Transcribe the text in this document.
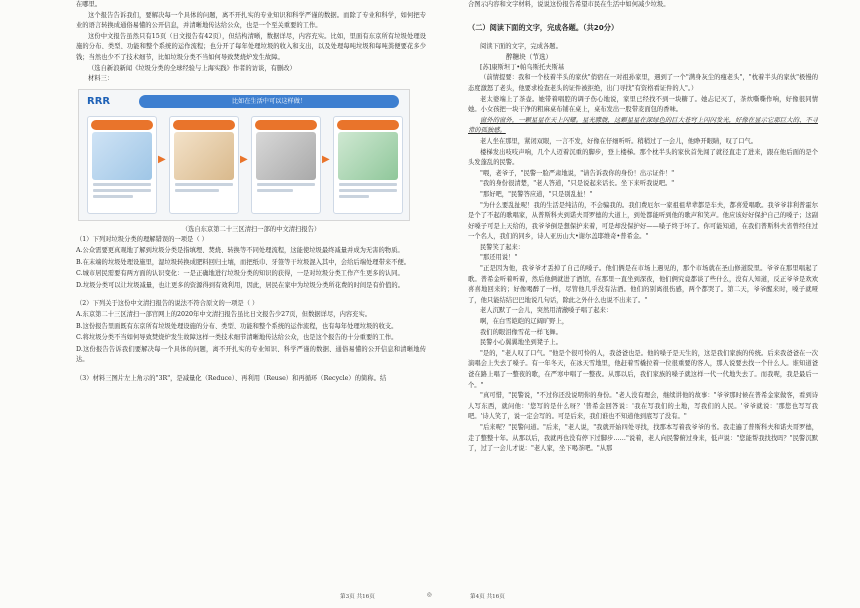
在哪里。

这个报告告诉我们，要解决每一个具体的问题，离不开扎实的专业知识和科学严谨的数据。而除了专业和科学，如何把专业的语言转换成通俗易懂的公开信息，并清晰地传达给公众，也是一个至关重要的工作。

这份中文报告虽然只有15页（日文报告有42页），但结构清晰，数据详尽，内容充实。比如，里面有东京所有垃圾处理设施的分布、类型、功能和整个系统的运作流程；也分开了每年处理垃圾的收入和支出，以及处理每吨垃圾和每吨粪便要花多少钱；当然也少不了技术细节，比如垃圾分类不当如何导致焚烧炉发生故障。

（选自新浪新闻《垃圾分类的全球经验与上海实践》作者的访谈，有删改）

材料三：

RRR	比如在生活中可以这样做！
▶	▶	▶

（选自东京第二十三区清扫一部的中文清扫报告）

（1）下列对垃圾分类的理解错误的一项是（ ）

A.公众需要更真观地了解到垃圾分类是指填埋、焚烧、转换等不同处理流程，这能使垃圾最终减量并成为无害的物质。

B.在末端的垃圾处理设施里，湿垃圾转换成肥料回归土壤，而把纸巾、牙签等干垃圾混入其中，会给后端处理带来不便。

C.城市居民需要有两方面的认识变化：一是正确地进行垃圾分类的知识的获得，一是对垃圾分类工作产生更多的认同。

D.垃圾分类可以让垃圾减量，也让更多的资源得到有效利用，因此，居民在家中为垃圾分类所花费的时间是有价值的。

（2）下列关于这份中文清扫报告的说法不符合原文的一项是（ ）

A.东京第二十三区清扫一部官网上的2020年中文清扫报告虽比日文报告少27页，但数据详尽，内容充实。

B.这份报告里面既有东京所有垃圾处理设施的分布、类型、功能和整个系统的运作流程，也有每年处理垃圾的收支。

C.将垃圾分类不当如何导致焚烧炉发生故障这样一类技术细节清晰地传达给公众，也是这个报告的十分重要的工作。

D.这份报告告诉我们要解决每一个具体的问题，离不开扎实的专业知识、科学严谨的数据、通俗易懂的公开信息和清晰地传达。

（3）材料三图片左上角示的"3R"，是减量化（Reduce）、再利用（Reuse）和再循环（Recycle）的简称。结

合图示内容和文字材料，说说这份报告希望市民在生活中如何减少垃圾。

（二）阅读下面的文字，完成各题。（共20分）

阅读下面的文字，完成各题。

醉糖块（节选）

[苏]康斯坦丁•帕乌斯托夫斯基

（前情提要：我和一个枝着半头的家伙"俏宿在一对祖孙家里，遇到了一个"满身灰尘的瘦老头"，"枕着半头的家伙"极慢的态度激怒了老头，他要求检查老头的证件被拒绝，出门寻找"有资格看证件的人"。）

老太婆端上了茶壶。她带着唱腔的调子伤心地说，家里已经找不到一块糖了。她忐记灭了，茶炊嘶嘶作响，好像很同情她。小女孩把一块干净的粗麻桌布铺在桌上，桌布发出一股带麦面包的香味。

窗外的窗外，一颗星星在天上闪耀。星光朦胧，这颗星星在深绿色的巨大苍穹上闪闪发光，好像在显示它那巨大的、不寻常的孤独感。

老人坐在那里，紧闭双眼，一言不发，好像在仔细听听。稍稍过了一会儿，他睁开眼睛，叹了口气。

楼梯发出吱吱声响，几个人迈着沉重的脚步，登上楼梯。那个枕半头的家伙首先闯了就径直走了进来，跟在他后面的是个头发蓬乱的民警。

"喂，老爷子，"民警一脸严肃地说，"请告诉我你的身份！出示证件！"

"我的身份很清楚，"老人答道，"只是说起来话长。坐下来听我说吧。"

"那好吧，"民警答应道，"只是别乱扯！"

"为什么要乱扯呢！我的生活是纯洁的，不会骗我的。我们费厄尔一家祖祖辈辈都是车夫，都喜爱唱歌。我爷爷菲利普霍尔是个了不起的歌唱家，从普斯科夫到诺夫哥罗德的大道上，到处都能听到他的歌声和笑声。他应该好好保护自己的嗓子；这副好嗓子可是上天给的，我爷爷倒是想保护来着，可是却没保护好——嗓子终于坏了。你可能知道，在我们普斯科夫省曾经住过一个名人，我们的同乡，诗人亚历山大•谢尔盖耶维奇•普希金。"

民警笑了起来：

"那还用说！"

"正是因为他，我爷爷才丢掉了自己的嗓子。他们俩是在市场上遇见的，那个市场就在圣山修道院里。爷爷在那里唱起了歌。普希金听着听着，然后他俩就进了酒馆，在那里一直坐到深夜，他们俩究竟都谈了些什么，没有人知道，反正爷爷是欢欢喜喜地回来的；好像喝醉了一样，尽管他几乎没有沾酒。他们的别离很伤感，两个都哭了。第二天，爷爷醒来时，嗓子就哑了，他只能结结巴巴地说几句话，除此之外什么也说不出来了。"

老人沉默了一会儿，突然用清澈嗓子唱了起来：

啊，在白雪皑皑的辽阔旷野上，

我们的眼泪像雪花一样飞舞。

民警小心翼翼地坐到凳子上。

"是的，"老人叹了口气。"他是个很可怜的人，我爸爸也是。他的嗓子是天生的，这是我们家族的传统。后来我爸爸在一次演唱会上失去了嗓子。有一年冬天，在冰天雪地里，他赶着雪橇拉着一位很重要的客人，那人说要去找一个什么人。谁知道爸爸在路上唱了一整夜的歌，在严寒中唱了一整夜。从那以后，我们家族的嗓子就这样一代一代地失去了。而我呢，我是最后一个。"

"真可惜，"民警说，"不过你还没说明你的身份。"老人没有理会，继续讲他的故事："爷爷那时候在普希金家做客，看到诗人写东西，就问他：'您写的是什么呀？'普希金回答说：'我在写我们的土地，写我们的人民。'爷爷就说：'那您也写写我吧。'诗人笑了，说一定会写的。可是后来，我们谁也不知道他到底写了没有。"

"后来呢？"民警问道。"后来，"老人说，"我就开始四处寻找，找那本写着我爷爷的书。我走遍了普斯科夫和诺夫哥罗德，走了整整十年。从那以后，我就再也没有停下过脚步……"说着，老人向民警俯过身来，低声说："您能帮我找找吗？"民警沉默了，过了一会儿才说："老人家，坐下喝茶吧。"从那

第3页 共16页	◎	第4页 共16页
